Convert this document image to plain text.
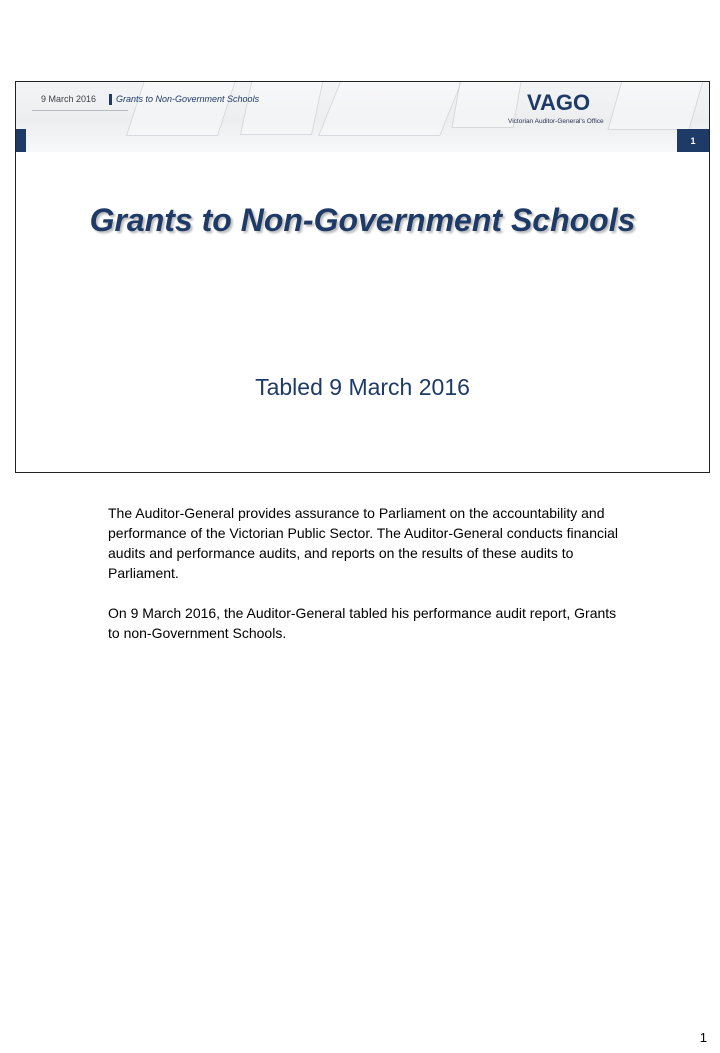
9 March 2016 Grants to Non-Government Schools	VAGO
Victorian Auditor-General's Office
1
Grants to Non-Government Schools
Tabled 9 March 2016

The Auditor-General provides assurance to Parliament on the accountability and performance of the Victorian Public Sector. The Auditor-General conducts financial audits and performance audits, and reports on the results of these audits to Parliament.

On 9 March 2016, the Auditor-General tabled his performance audit report, Grants to non-Government Schools.

1
